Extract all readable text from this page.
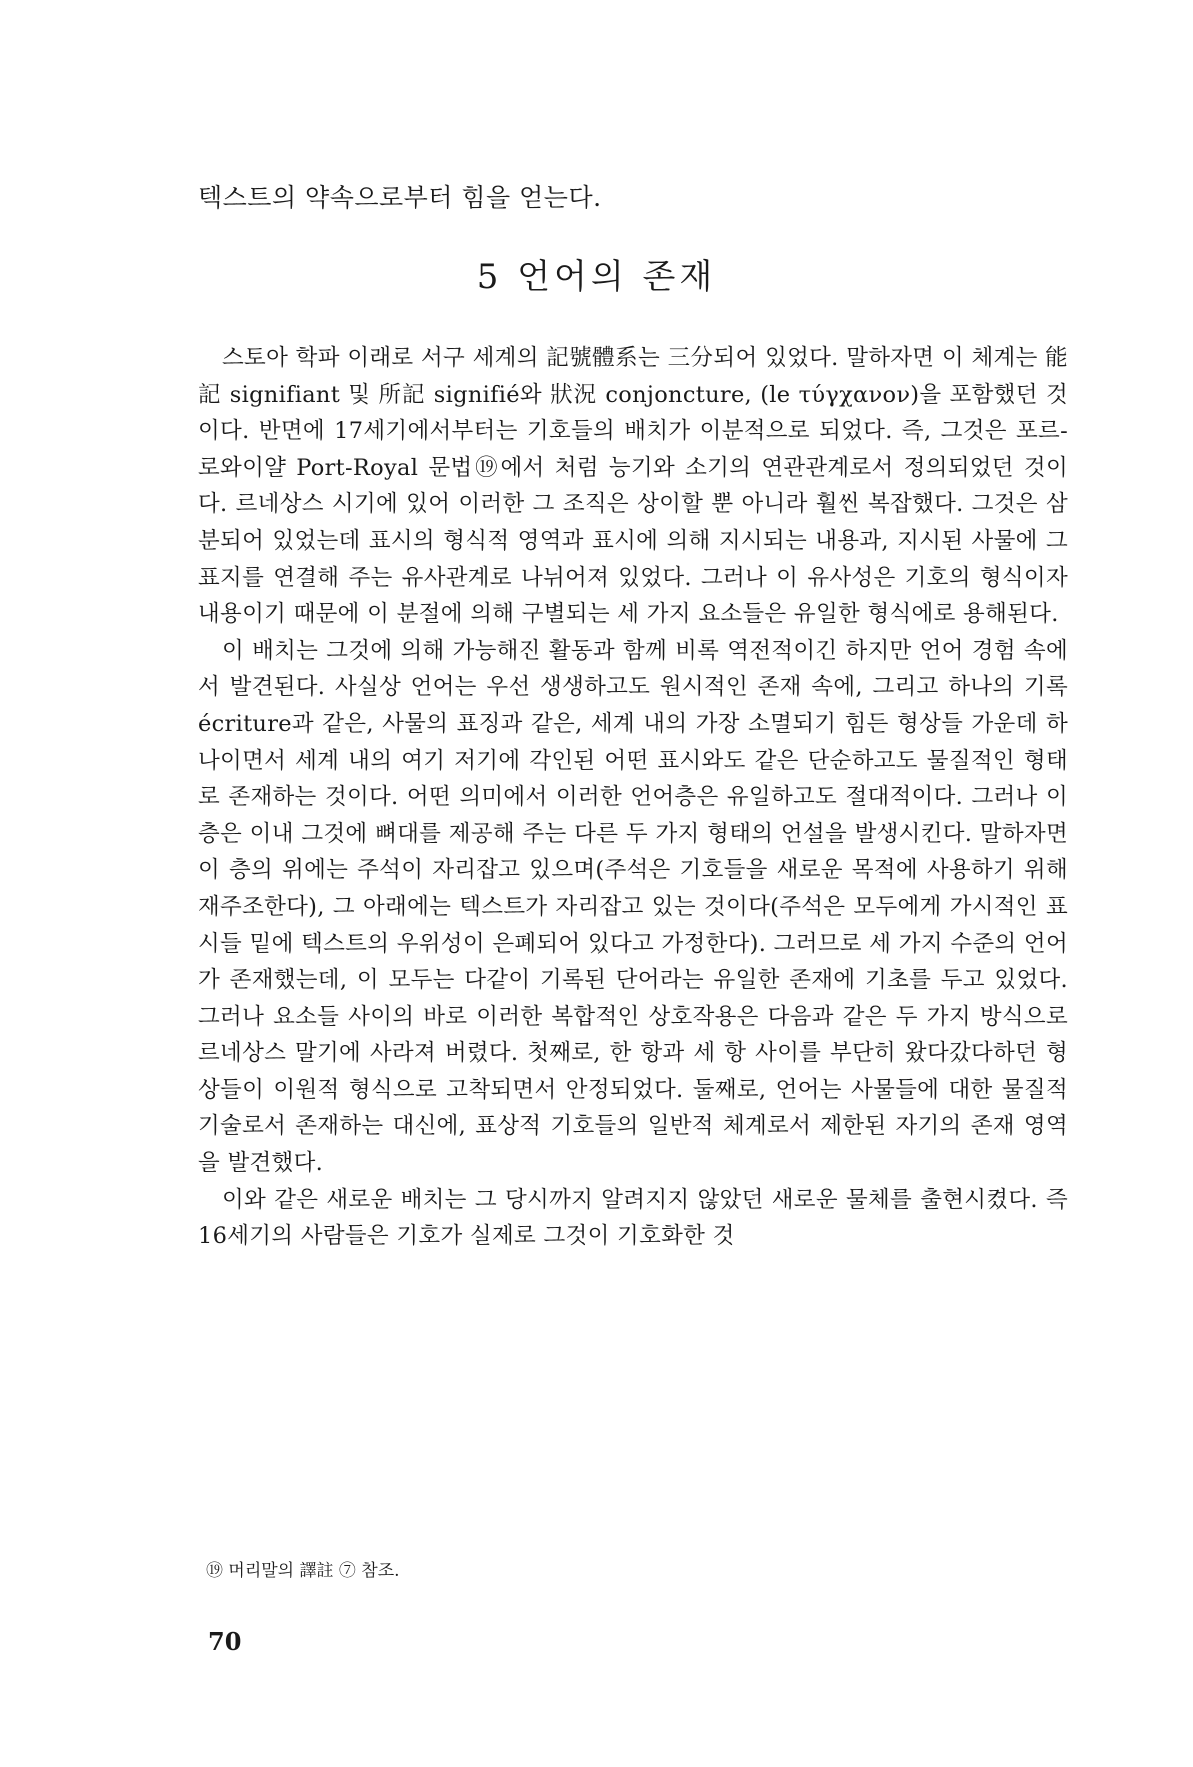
텍스트의 약속으로부터 힘을 얻는다.
5 언어의 존재

스토아 학파 이래로 서구 세계의 記號體系는 三分되어 있었다. 말하자면 이 체계는 能記 signifiant 및 所記 signifié와 狀況 conjoncture, (le τύγχανον)을 포함했던 것이다. 반면에 17세기에서부터는 기호들의 배치가 이분적으로 되었다. 즉, 그것은 포르-로와이얄 Port-Royal 문법⑲에서 처럼 능기와 소기의 연관관계로서 정의되었던 것이다. 르네상스 시기에 있어 이러한 그 조직은 상이할 뿐 아니라 훨씬 복잡했다. 그것은 삼분되어 있었는데 표시의 형식적 영역과 표시에 의해 지시되는 내용과, 지시된 사물에 그 표지를 연결해 주는 유사관계로 나뉘어져 있었다. 그러나 이 유사성은 기호의 형식이자 내용이기 때문에 이 분절에 의해 구별되는 세 가지 요소들은 유일한 형식에로 용해된다.

이 배치는 그것에 의해 가능해진 활동과 함께 비록 역전적이긴 하지만 언어 경험 속에서 발견된다. 사실상 언어는 우선 생생하고도 원시적인 존재 속에, 그리고 하나의 기록 écriture과 같은, 사물의 표징과 같은, 세계 내의 가장 소멸되기 힘든 형상들 가운데 하나이면서 세계 내의 여기 저기에 각인된 어떤 표시와도 같은 단순하고도 물질적인 형태로 존재하는 것이다. 어떤 의미에서 이러한 언어층은 유일하고도 절대적이다. 그러나 이 층은 이내 그것에 뼈대를 제공해 주는 다른 두 가지 형태의 언설을 발생시킨다. 말하자면 이 층의 위에는 주석이 자리잡고 있으며(주석은 기호들을 새로운 목적에 사용하기 위해 재주조한다), 그 아래에는 텍스트가 자리잡고 있는 것이다(주석은 모두에게 가시적인 표시들 밑에 텍스트의 우위성이 은폐되어 있다고 가정한다). 그러므로 세 가지 수준의 언어가 존재했는데, 이 모두는 다같이 기록된 단어라는 유일한 존재에 기초를 두고 있었다. 그러나 요소들 사이의 바로 이러한 복합적인 상호작용은 다음과 같은 두 가지 방식으로 르네상스 말기에 사라져 버렸다. 첫째로, 한 항과 세 항 사이를 부단히 왔다갔다하던 형상들이 이원적 형식으로 고착되면서 안정되었다. 둘째로, 언어는 사물들에 대한 물질적 기술로서 존재하는 대신에, 표상적 기호들의 일반적 체계로서 제한된 자기의 존재 영역을 발견했다.

이와 같은 새로운 배치는 그 당시까지 알려지지 않았던 새로운 물체를 출현시켰다. 즉 16세기의 사람들은 기호가 실제로 그것이 기호화한 것

⑲ 머리말의 譯註 ⑦ 참조.
70
